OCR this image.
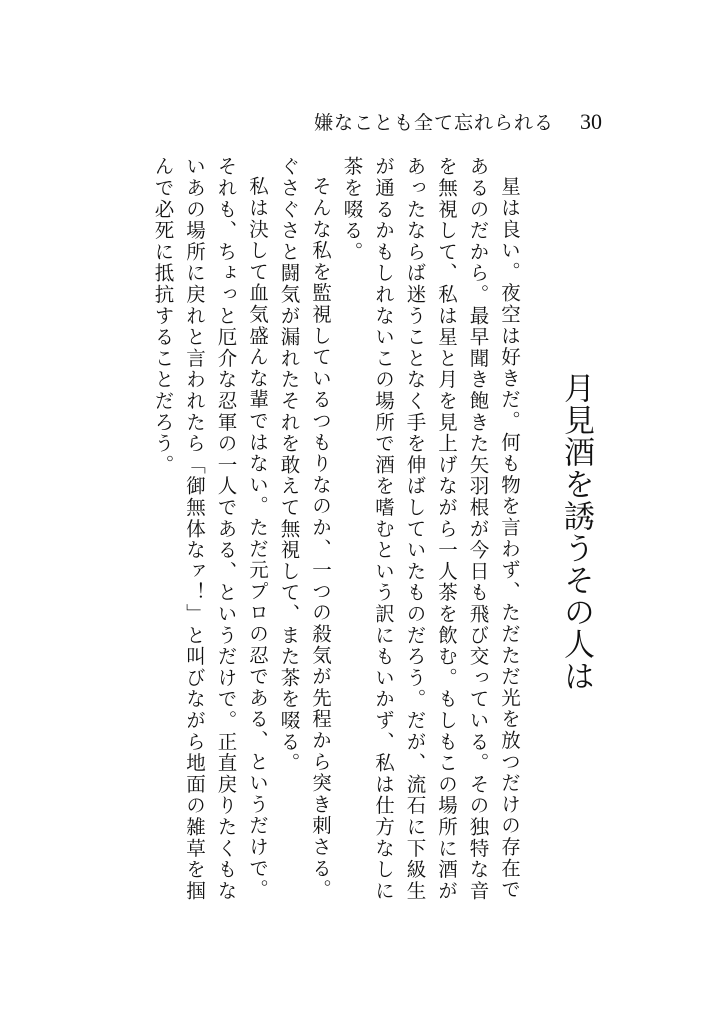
嫌なことも全て忘れられる 30
月見酒を誘うその人は

星は良い。夜空は好きだ。何も物を言わず、ただただ光を放つだけの存在であるのだから。最早聞き飽きた矢羽根が今日も飛び交っている。その独特な音を無視して、私は星と月を見上げながら一人茶を飲む。もしもこの場所に酒があったならば迷うことなく手を伸ばしていたものだろう。だが、流石に下級生が通るかもしれないこの場所で酒を嗜むという訳にもいかず、私は仕方なしに茶を啜る。

そんな私を監視しているつもりなのか、一つの殺気が先程から突き刺さる。ぐさぐさと闘気が漏れたそれを敢えて無視して、また茶を啜る。

私は決して血気盛んな輩ではない。ただ元プロの忍である、というだけで。それも、ちょっと厄介な忍軍の一人である、というだけで。正直戻りたくもないあの場所に戻れと言われたら「御無体なァ！」と叫びながら地面の雑草を掴んで必死に抵抗することだろう。
